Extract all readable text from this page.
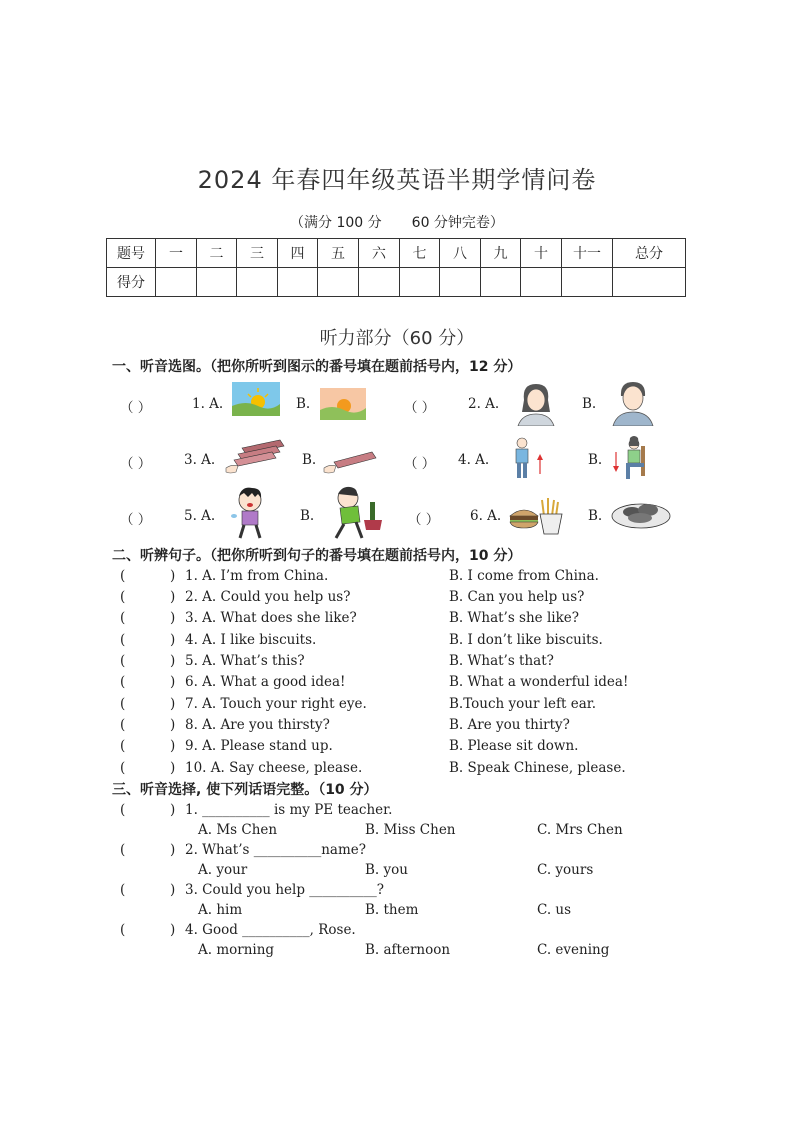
2024 年春四年级英语半期学情问卷
（满分 100 分 60 分钟完卷）
题号	一	二	三	四	五	六	七	八	九	十	十一	总分
得分												
听力部分（60 分）
一、听音选图。（把你所听到图示的番号填在题前括号内，12 分）
（ ）	1. A.	B.	（ ） 2. A.	B.
（ ） 3. A.	B.	（ ） 4. A.	B.
（ ） 5. A.	B.	（ ） 6. A.	B.
二、听辨句子。（把你所听到句子的番号填在题前括号内，10 分）
(	) 1. A. I’m from China.	B. I come from China.
(	) 2. A. Could you help us?	B. Can you help us?
(	) 3. A. What does she like?	B. What’s she like?
(	) 4. A. I like biscuits.	B. I don’t like biscuits.
(	) 5. A. What’s this?	B. What’s that?
(	) 6. A. What a good idea!	B. What a wonderful idea!
(	) 7. A. Touch your right eye.	B.Touch your left ear.
(	) 8. A. Are you thirsty?	B. Are you thirty?
(	) 9. A. Please stand up.	B. Please sit down.
(	) 10. A. Say cheese, please.	B. Speak Chinese, please.
三、听音选择, 使下列话语完整。（10 分）
(	) 1. __________ is my PE teacher.
A. Ms Chen	B. Miss Chen	C. Mrs Chen
(	) 2. What’s __________name?
A. your	B. you	C. yours
(	) 3. Could you help __________?
A. him	B. them	C. us
(	) 4. Good __________, Rose.
A. morning	B. afternoon	C. evening
